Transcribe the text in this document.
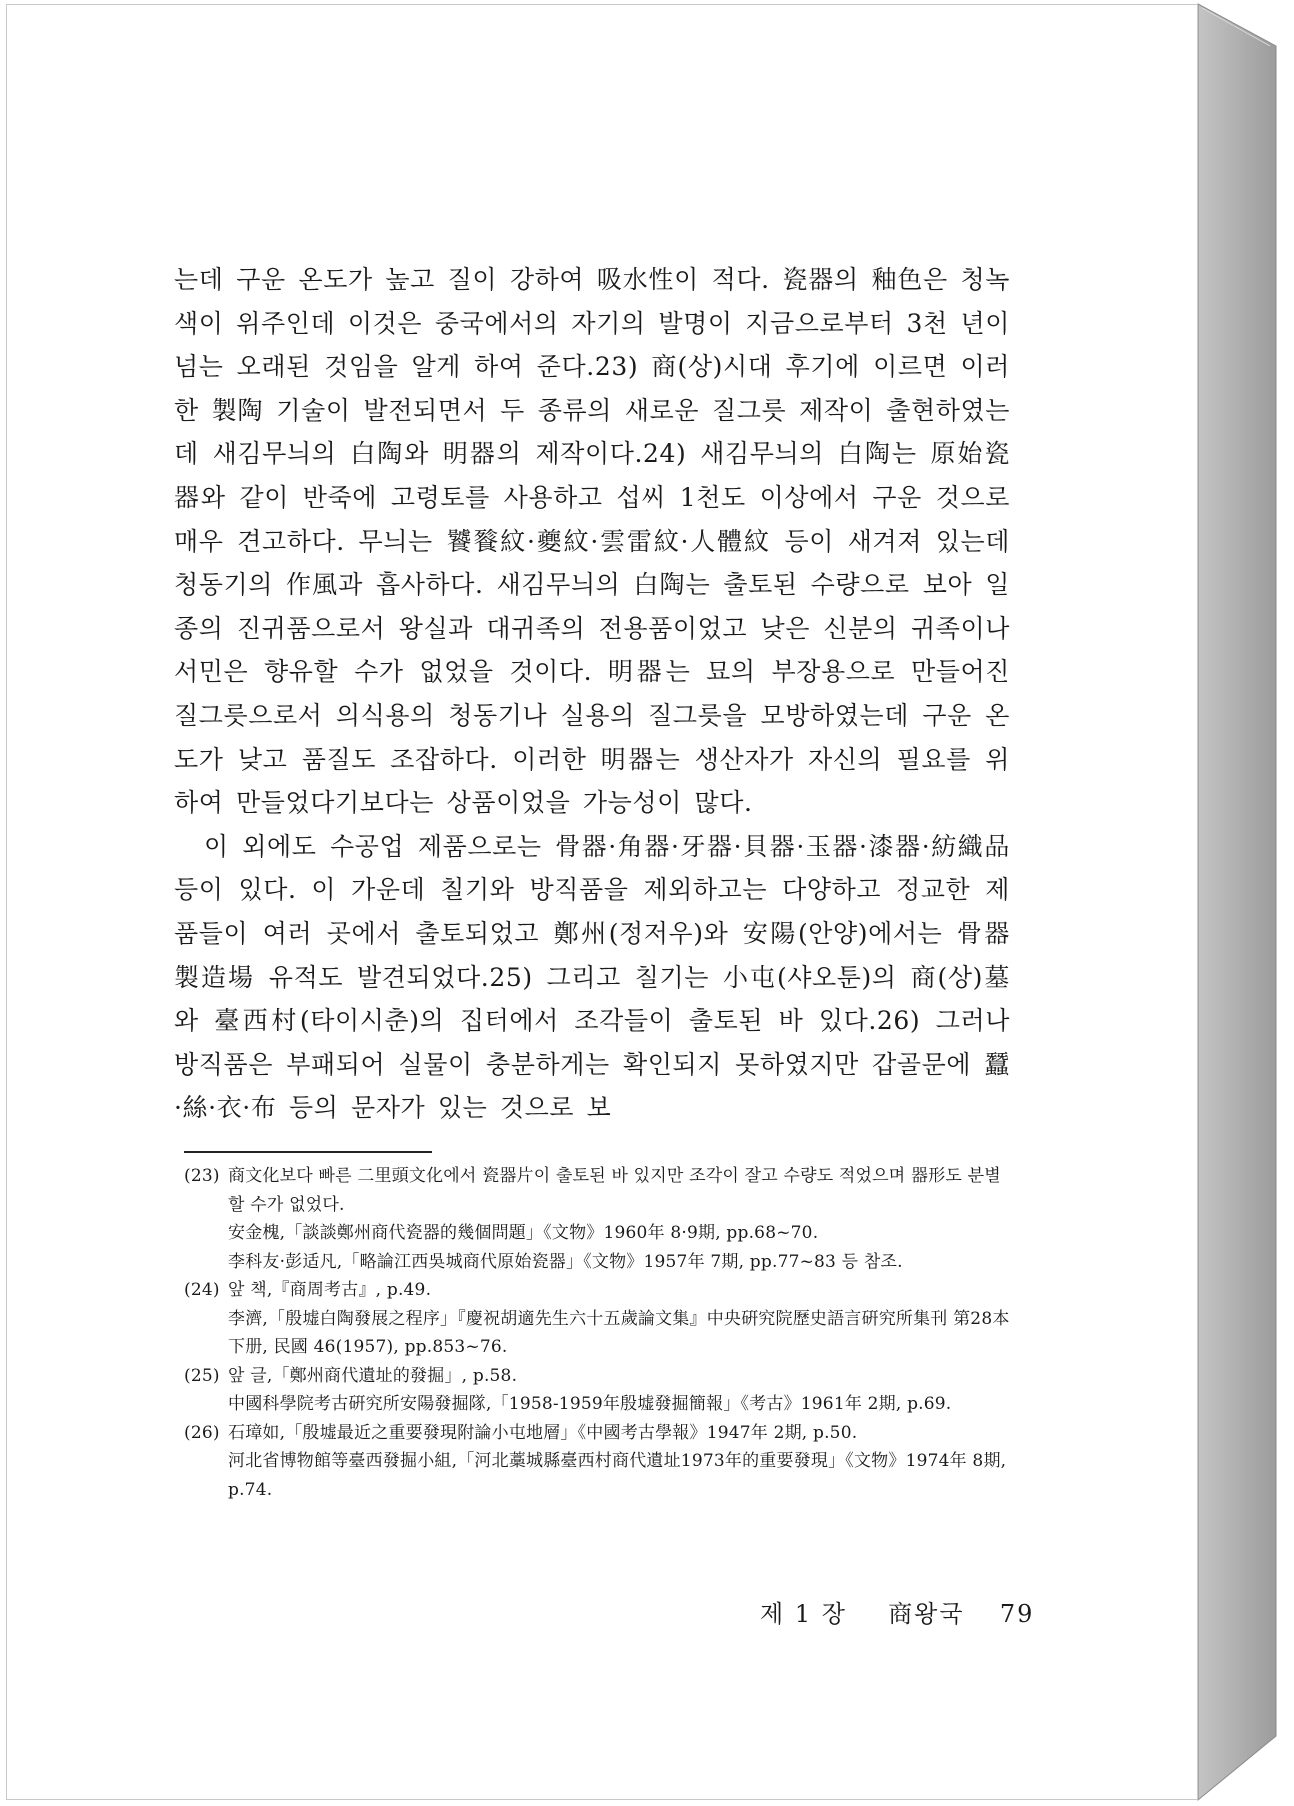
는데 구운 온도가 높고 질이 강하여 吸水性이 적다. 瓷器의 釉色은 청녹색이 위주인데 이것은 중국에서의 자기의 발명이 지금으로부터 3천 년이 넘는 오래된 것임을 알게 하여 준다.23) 商(상)시대 후기에 이르면 이러한 製陶 기술이 발전되면서 두 종류의 새로운 질그릇 제작이 출현하였는데 새김무늬의 白陶와 明器의 제작이다.24) 새김무늬의 白陶는 原始瓷器와 같이 반죽에 고령토를 사용하고 섭씨 1천도 이상에서 구운 것으로 매우 견고하다. 무늬는 饕餮紋·夔紋·雲雷紋·人體紋 등이 새겨져 있는데 청동기의 作風과 흡사하다. 새김무늬의 白陶는 출토된 수량으로 보아 일종의 진귀품으로서 왕실과 대귀족의 전용품이었고 낮은 신분의 귀족이나 서민은 향유할 수가 없었을 것이다. 明器는 묘의 부장용으로 만들어진 질그릇으로서 의식용의 청동기나 실용의 질그릇을 모방하였는데 구운 온도가 낮고 품질도 조잡하다. 이러한 明器는 생산자가 자신의 필요를 위하여 만들었다기보다는 상품이었을 가능성이 많다.

이 외에도 수공업 제품으로는 骨器·角器·牙器·貝器·玉器·漆器·紡織品 등이 있다. 이 가운데 칠기와 방직품을 제외하고는 다양하고 정교한 제품들이 여러 곳에서 출토되었고 鄭州(정저우)와 安陽(안양)에서는 骨器製造場 유적도 발견되었다.25) 그리고 칠기는 小屯(샤오툰)의 商(상)墓와 臺西村(타이시춘)의 집터에서 조각들이 출토된 바 있다.26) 그러나 방직품은 부패되어 실물이 충분하게는 확인되지 못하였지만 갑골문에 蠶·絲·衣·布 등의 문자가 있는 것으로 보

(23) 商文化보다 빠른 二里頭文化에서 瓷器片이 출토된 바 있지만 조각이 잘고 수량도 적었으며 器形도 분별할 수가 없었다.

安金槐,「談談鄭州商代瓷器的幾個問題」《文物》1960年 8·9期, pp.68~70.

李科友·彭适凡,「略論江西吳城商代原始瓷器」《文物》1957年 7期, pp.77~83 등 참조.

(24) 앞 책,『商周考古』, p.49.

李濟,「殷墟白陶發展之程序」『慶祝胡適先生六十五歲論文集』中央硏究院歷史語言硏究所集刊 第28本 下册, 民國 46(1957), pp.853~76.

(25) 앞 글,「鄭州商代遺址的發掘」, p.58.

中國科學院考古硏究所安陽發掘隊,「1958-1959年殷墟發掘簡報」《考古》1961年 2期, p.69.

(26) 石璋如,「殷墟最近之重要發現附論小屯地層」《中國考古學報》1947年 2期, p.50.

河北省博物館等臺西發掘小組,「河北藁城縣臺西村商代遺址1973年的重要發現」《文物》1974年 8期, p.74.

제 1 장 商왕국 79
